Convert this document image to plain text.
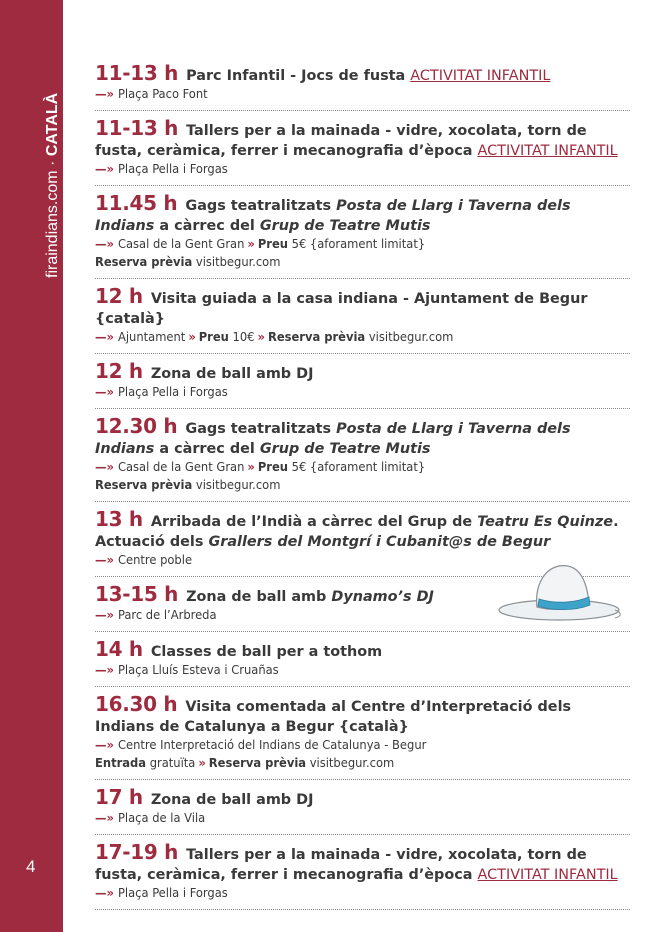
firaindians.com · CATALÀ
4
11-13 h Parc Infantil - Jocs de fusta ACTIVITAT INFANTIL
—» Plaça Paco Font
11-13 h Tallers per a la mainada - vidre, xocolata, torn de fusta, ceràmica, ferrer i mecanografia d’època ACTIVITAT INFANTIL
—» Plaça Pella i Forgas
11.45 h Gags teatralitzats Posta de Llarg i Taverna dels Indians a càrrec del Grup de Teatre Mutis
—» Casal de la Gent Gran » Preu 5€ {aforament limitat}
Reserva prèvia visitbegur.com
12 h Visita guiada a la casa indiana - Ajuntament de Begur {català}
—» Ajuntament » Preu 10€ » Reserva prèvia visitbegur.com
12 h Zona de ball amb DJ
—» Plaça Pella i Forgas
12.30 h Gags teatralitzats Posta de Llarg i Taverna dels Indians a càrrec del Grup de Teatre Mutis
—» Casal de la Gent Gran » Preu 5€ {aforament limitat}
Reserva prèvia visitbegur.com
13 h Arribada de l’Indià a càrrec del Grup de Teatru Es Quinze. Actuació dels Grallers del Montgrí i Cubanit@s de Begur
—» Centre poble
13-15 h Zona de ball amb Dynamo’s DJ
—» Parc de l’Arbreda
14 h Classes de ball per a tothom
—» Plaça Lluís Esteva i Cruañas
16.30 h Visita comentada al Centre d’Interpretació dels Indians de Catalunya a Begur {català}
—» Centre Interpretació del Indians de Catalunya - Begur
Entrada gratuïta » Reserva prèvia visitbegur.com
17 h Zona de ball amb DJ
—» Plaça de la Vila
17-19 h Tallers per a la mainada - vidre, xocolata, torn de fusta, ceràmica, ferrer i mecanografia d’època ACTIVITAT INFANTIL
—» Plaça Pella i Forgas
